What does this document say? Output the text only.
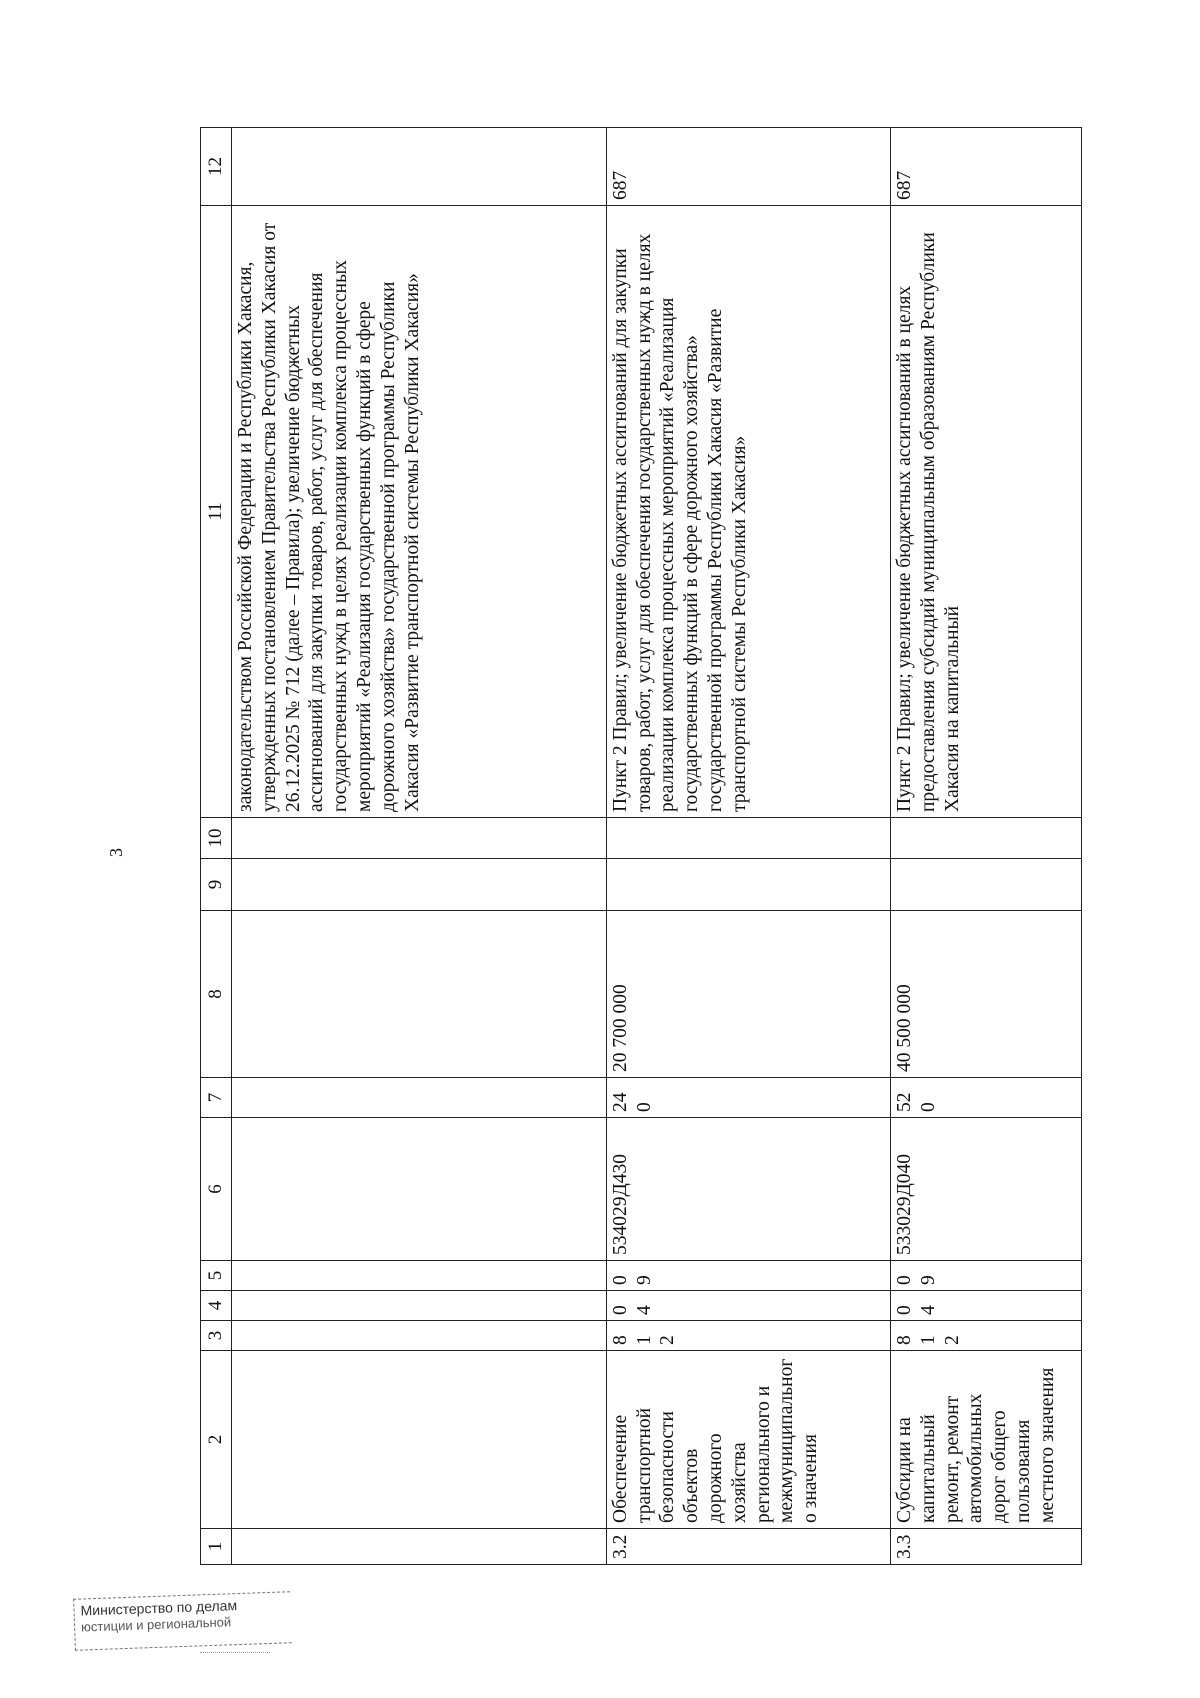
3
1	2	3	4	5	6	7	8	9	10	11	12
										законодательством Российской Федерации и Республики Хакасия, утвержденных постановлением Правительства Республики Хакасия от 26.12.2025 № 712 (далее – Правила); увеличение бюджетных ассигнований для закупки товаров, работ, услуг для обеспечения государственных нужд в целях реализации комплекса процессных мероприятий «Реализация государственных функций в сфере дорожного хозяйства» государственной программы Республики Хакасия «Развитие транспортной системы Республики Хакасия»	
3.2	Обеспечение транспортной безопасности объектов дорожного хозяйства регионального и межмуниципального значения	812	04	09	534029Д430	240	20 700 000			Пункт 2 Правил; увеличение бюджетных ассигнований для закупки товаров, работ, услуг для обеспечения государственных нужд в целях реализации комплекса процессных мероприятий «Реализация государственных функций в сфере дорожного хозяйства» государственной программы Республики Хакасия «Развитие транспортной системы Республики Хакасия»	687
3.3	Субсидии на капитальный ремонт, ремонт автомобильных дорог общего пользования местного значения	812	04	09	533029Д040	520	40 500 000			Пункт 2 Правил; увеличение бюджетных ассигнований в целях предоставления субсидий муниципальным образованиям Республики Хакасия на капитальный	687
Министерство по делам
юстиции и региональной
